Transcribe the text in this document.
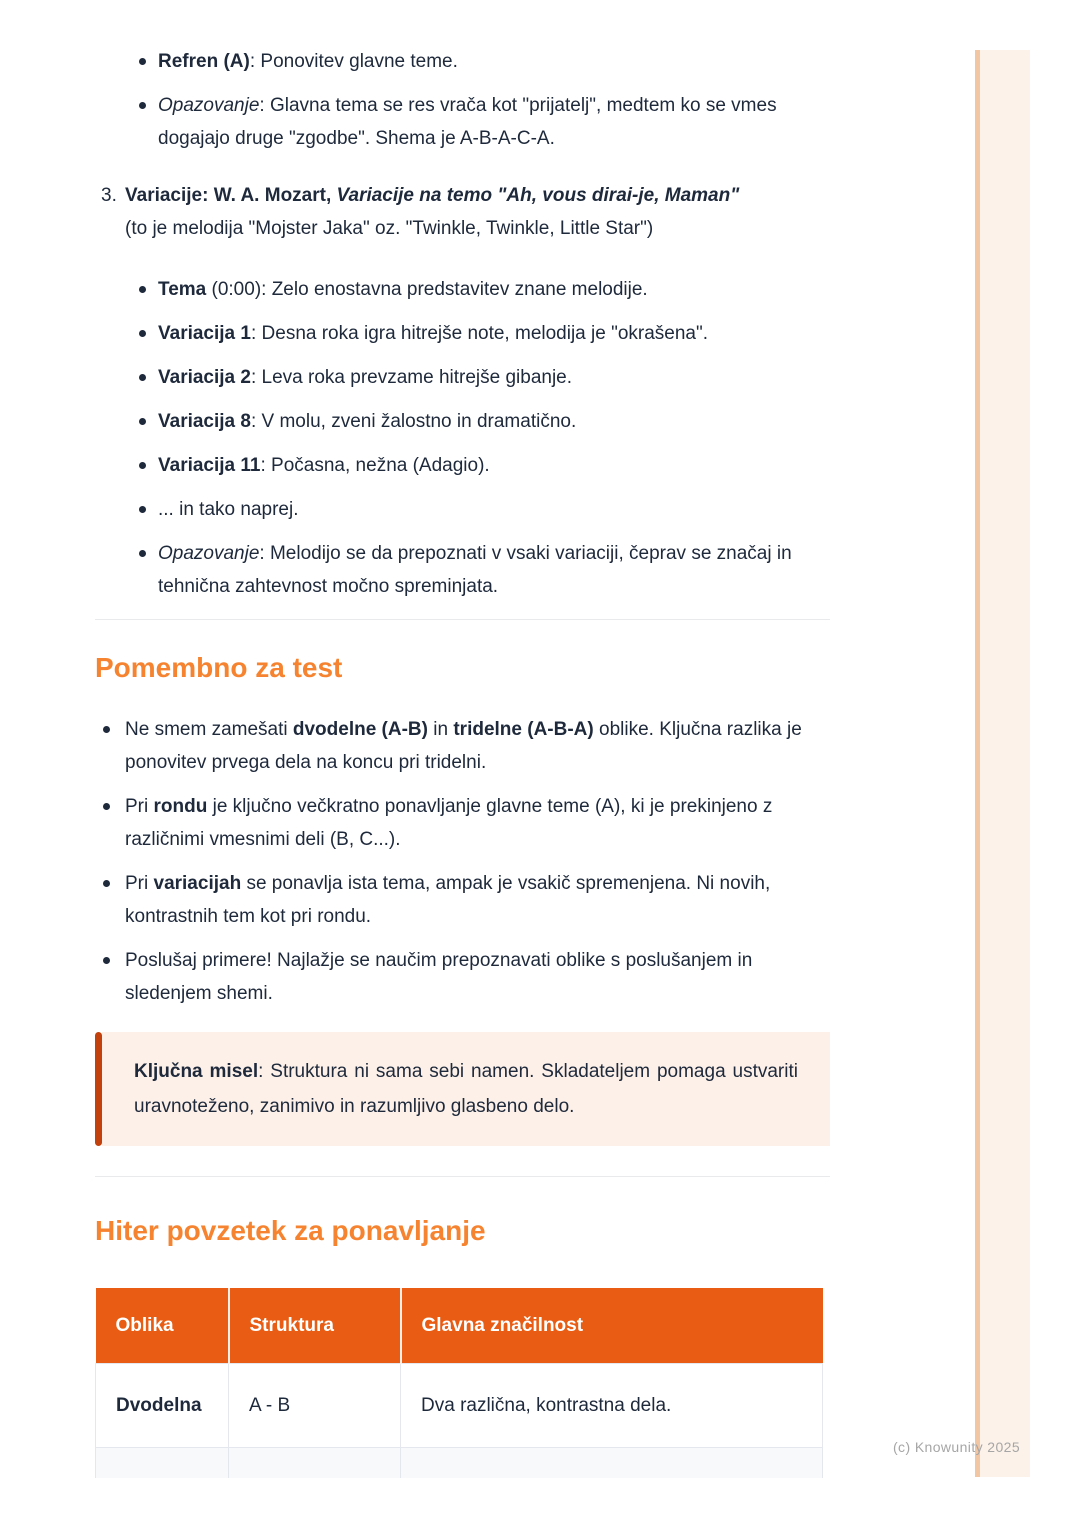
Refren (A): Ponovitev glavne teme.
Opazovanje: Glavna tema se res vrača kot "prijatelj", medtem ko se vmes dogajajo druge "zgodbe". Shema je A-B-A-C-A.
3. Variacije: W. A. Mozart, Variacije na temo "Ah, vous dirai-je, Maman"
(to je melodija "Mojster Jaka" oz. "Twinkle, Twinkle, Little Star")
Tema (0:00): Zelo enostavna predstavitev znane melodije.
Variacija 1: Desna roka igra hitrejše note, melodija je "okrašena".
Variacija 2: Leva roka prevzame hitrejše gibanje.
Variacija 8: V molu, zveni žalostno in dramatično.
Variacija 11: Počasna, nežna (Adagio).
... in tako naprej.
Opazovanje: Melodijo se da prepoznati v vsaki variaciji, čeprav se značaj in tehnična zahtevnost močno spreminjata.
Pomembno za test
Ne smem zamešati dvodelne (A-B) in tridelne (A-B-A) oblike. Ključna razlika je ponovitev prvega dela na koncu pri tridelni.
Pri rondu je ključno večkratno ponavljanje glavne teme (A), ki je prekinjeno z različnimi vmesnimi deli (B, C...).
Pri variacijah se ponavlja ista tema, ampak je vsakič spremenjena. Ni novih, kontrastnih tem kot pri rondu.
Poslušaj primere! Najlažje se naučim prepoznavati oblike s poslušanjem in sledenjem shemi.
Ključna misel: Struktura ni sama sebi namen. Skladateljem pomaga ustvariti uravnoteženo, zanimivo in razumljivo glasbeno delo.
Hiter povzetek za ponavljanje
Oblika	Struktura	Glavna značilnost
Dvodelna	A - B	Dva različna, kontrastna dela.

(c) Knowunity 2025
